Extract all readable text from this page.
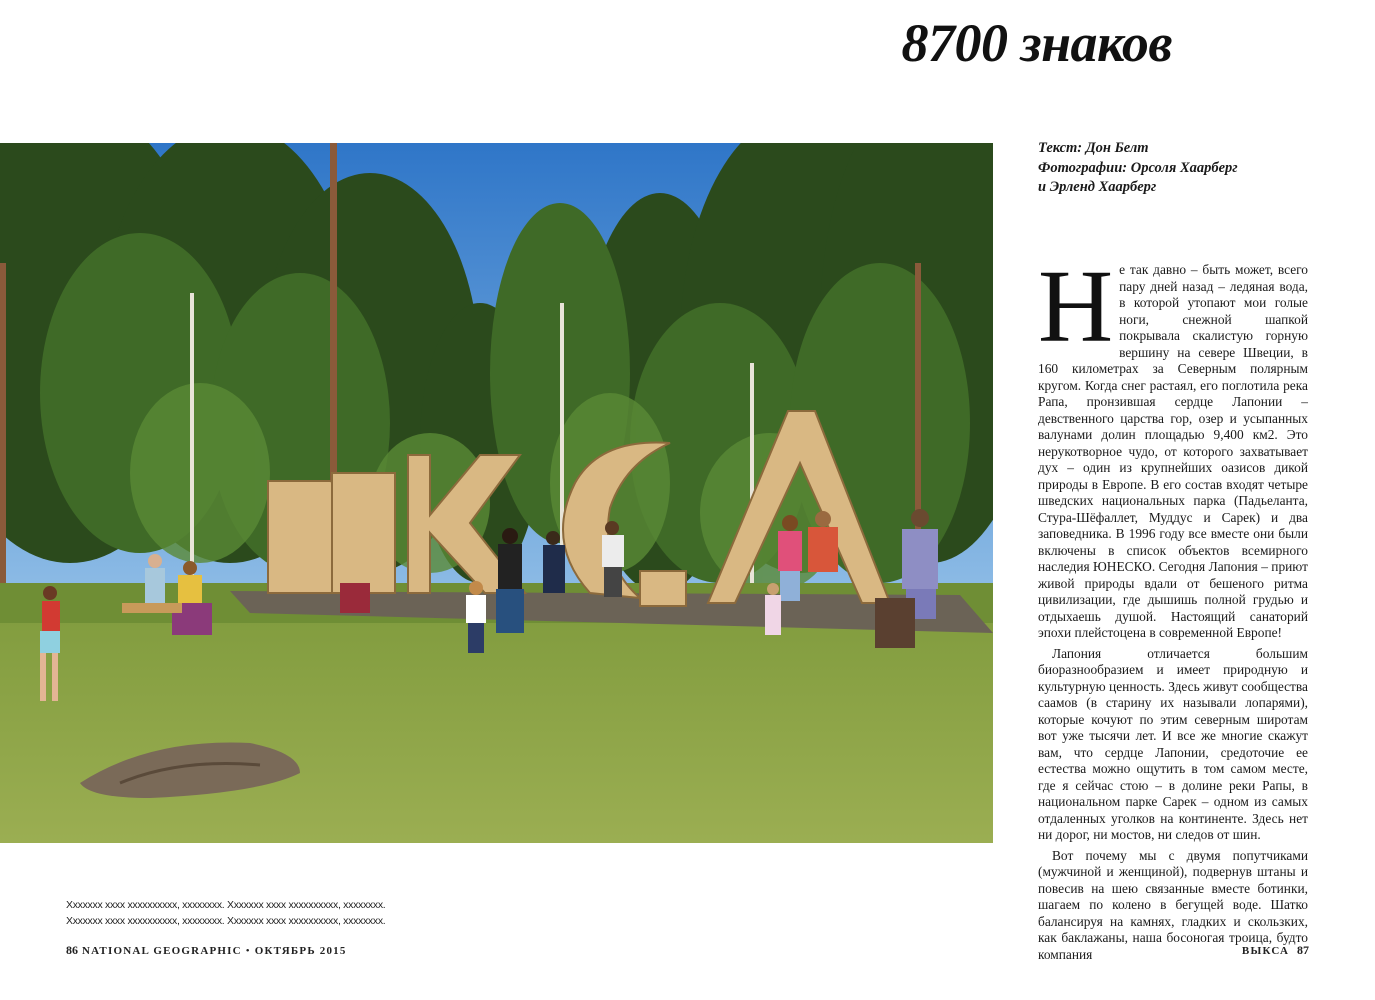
8700 знаков
Текст: Дон Белт
Фотографии: Орсоля Хаарберг
и Эрленд Хаарберг

Не так давно – быть может, всего пару дней назад – ледяная вода, в которой утопают мои голые ноги, снежной шапкой покрывала скалистую горную вершину на севере Швеции, в 160 километрах за Северным полярным кругом. Когда снег растаял, его поглотила река Рапа, пронзившая сердце Лапонии – девственного царства гор, озер и усыпанных валунами долин площадью 9,400 км2. Это нерукотворное чудо, от которого захватывает дух – один из крупнейших оазисов дикой природы в Европе. В его состав входят четыре шведских национальных парка (Падьеланта, Стура-Шёфаллет, Муддус и Сарек) и два заповедника. В 1996 году все вместе они были включены в список объектов всемирного наследия ЮНЕСКО. Сегодня Лапония – приют живой природы вдали от бешеного ритма цивилизации, где дышишь полной грудью и отдыхаешь душой. Настоящий санаторий эпохи плейстоцена в современной Европе!

Лапония отличается большим биоразнообразием и имеет природную и культурную ценность. Здесь живут сообщества саамов (в старину их называли лопарями), которые кочуют по этим северным широтам вот уже тысячи лет. И все же многие скажут вам, что сердце Лапонии, средоточие ее естества можно ощутить в том самом месте, где я сейчас стою – в долине реки Рапы, в национальном парке Сарек – одном из самых отдаленных уголков на континенте. Здесь нет ни дорог, ни мостов, ни следов от шин.

Вот почему мы с двумя попутчиками (мужчиной и женщиной), подвернув штаны и повесив на шею связанные вместе ботинки, шагаем по колено в бегущей воде. Шатко балансируя на камнях, гладких и скользких, как баклажаны, наша босоногая троица, будто компания

Xxxxxxx xxxx xxxxxxxxxx, xxxxxxxx. Xxxxxxx xxxx xxxxxxxxxx, xxxxxxxx. Xxxxxxx xxxx xxxxxxxxxx, xxxxxxxx. Xxxxxxx xxxx xxxxxxxxxx, xxxxxxxx.
86 NATIONAL GEOGRAPHIC • ОКТЯБРЬ 2015	ВЫКСА 87
